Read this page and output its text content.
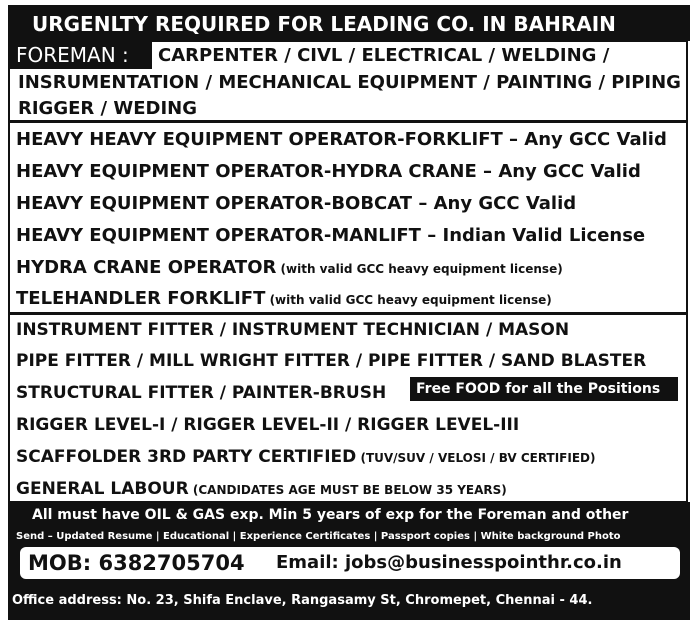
URGENLTY REQUIRED FOR LEADING CO. IN BAHRAIN
FOREMAN :	CARPENTER / CIVL / ELECTRICAL / WELDING /
INSRUMENTATION / MECHANICAL EQUIPMENT / PAINTING / PIPING
RIGGER / WEDING
HEAVY HEAVY EQUIPMENT OPERATOR-FORKLIFT – Any GCC Valid
HEAVY EQUIPMENT OPERATOR-HYDRA CRANE – Any GCC Valid
HEAVY EQUIPMENT OPERATOR-BOBCAT – Any GCC Valid
HEAVY EQUIPMENT OPERATOR-MANLIFT – Indian Valid License
HYDRA CRANE OPERATOR (with valid GCC heavy equipment license)
TELEHANDLER FORKLIFT (with valid GCC heavy equipment license)
INSTRUMENT FITTER / INSTRUMENT TECHNICIAN / MASON
PIPE FITTER / MILL WRIGHT FITTER / PIPE FITTER / SAND BLASTER
STRUCTURAL FITTER / PAINTER-BRUSH	Free FOOD for all the Positions
RIGGER LEVEL-I / RIGGER LEVEL-II / RIGGER LEVEL-III
SCAFFOLDER 3RD PARTY CERTIFIED (TUV/SUV / VELOSI / BV CERTIFIED)
GENERAL LABOUR (CANDIDATES AGE MUST BE BELOW 35 YEARS)
All must have OIL & GAS exp. Min 5 years of exp for the Foreman and other
Send – Updated Resume | Educational | Experience Certificates | Passport copies | White background Photo
MOB: 6382705704 Email: jobs@businesspointhr.co.in
Office address: No. 23, Shifa Enclave, Rangasamy St, Chromepet, Chennai - 44.
